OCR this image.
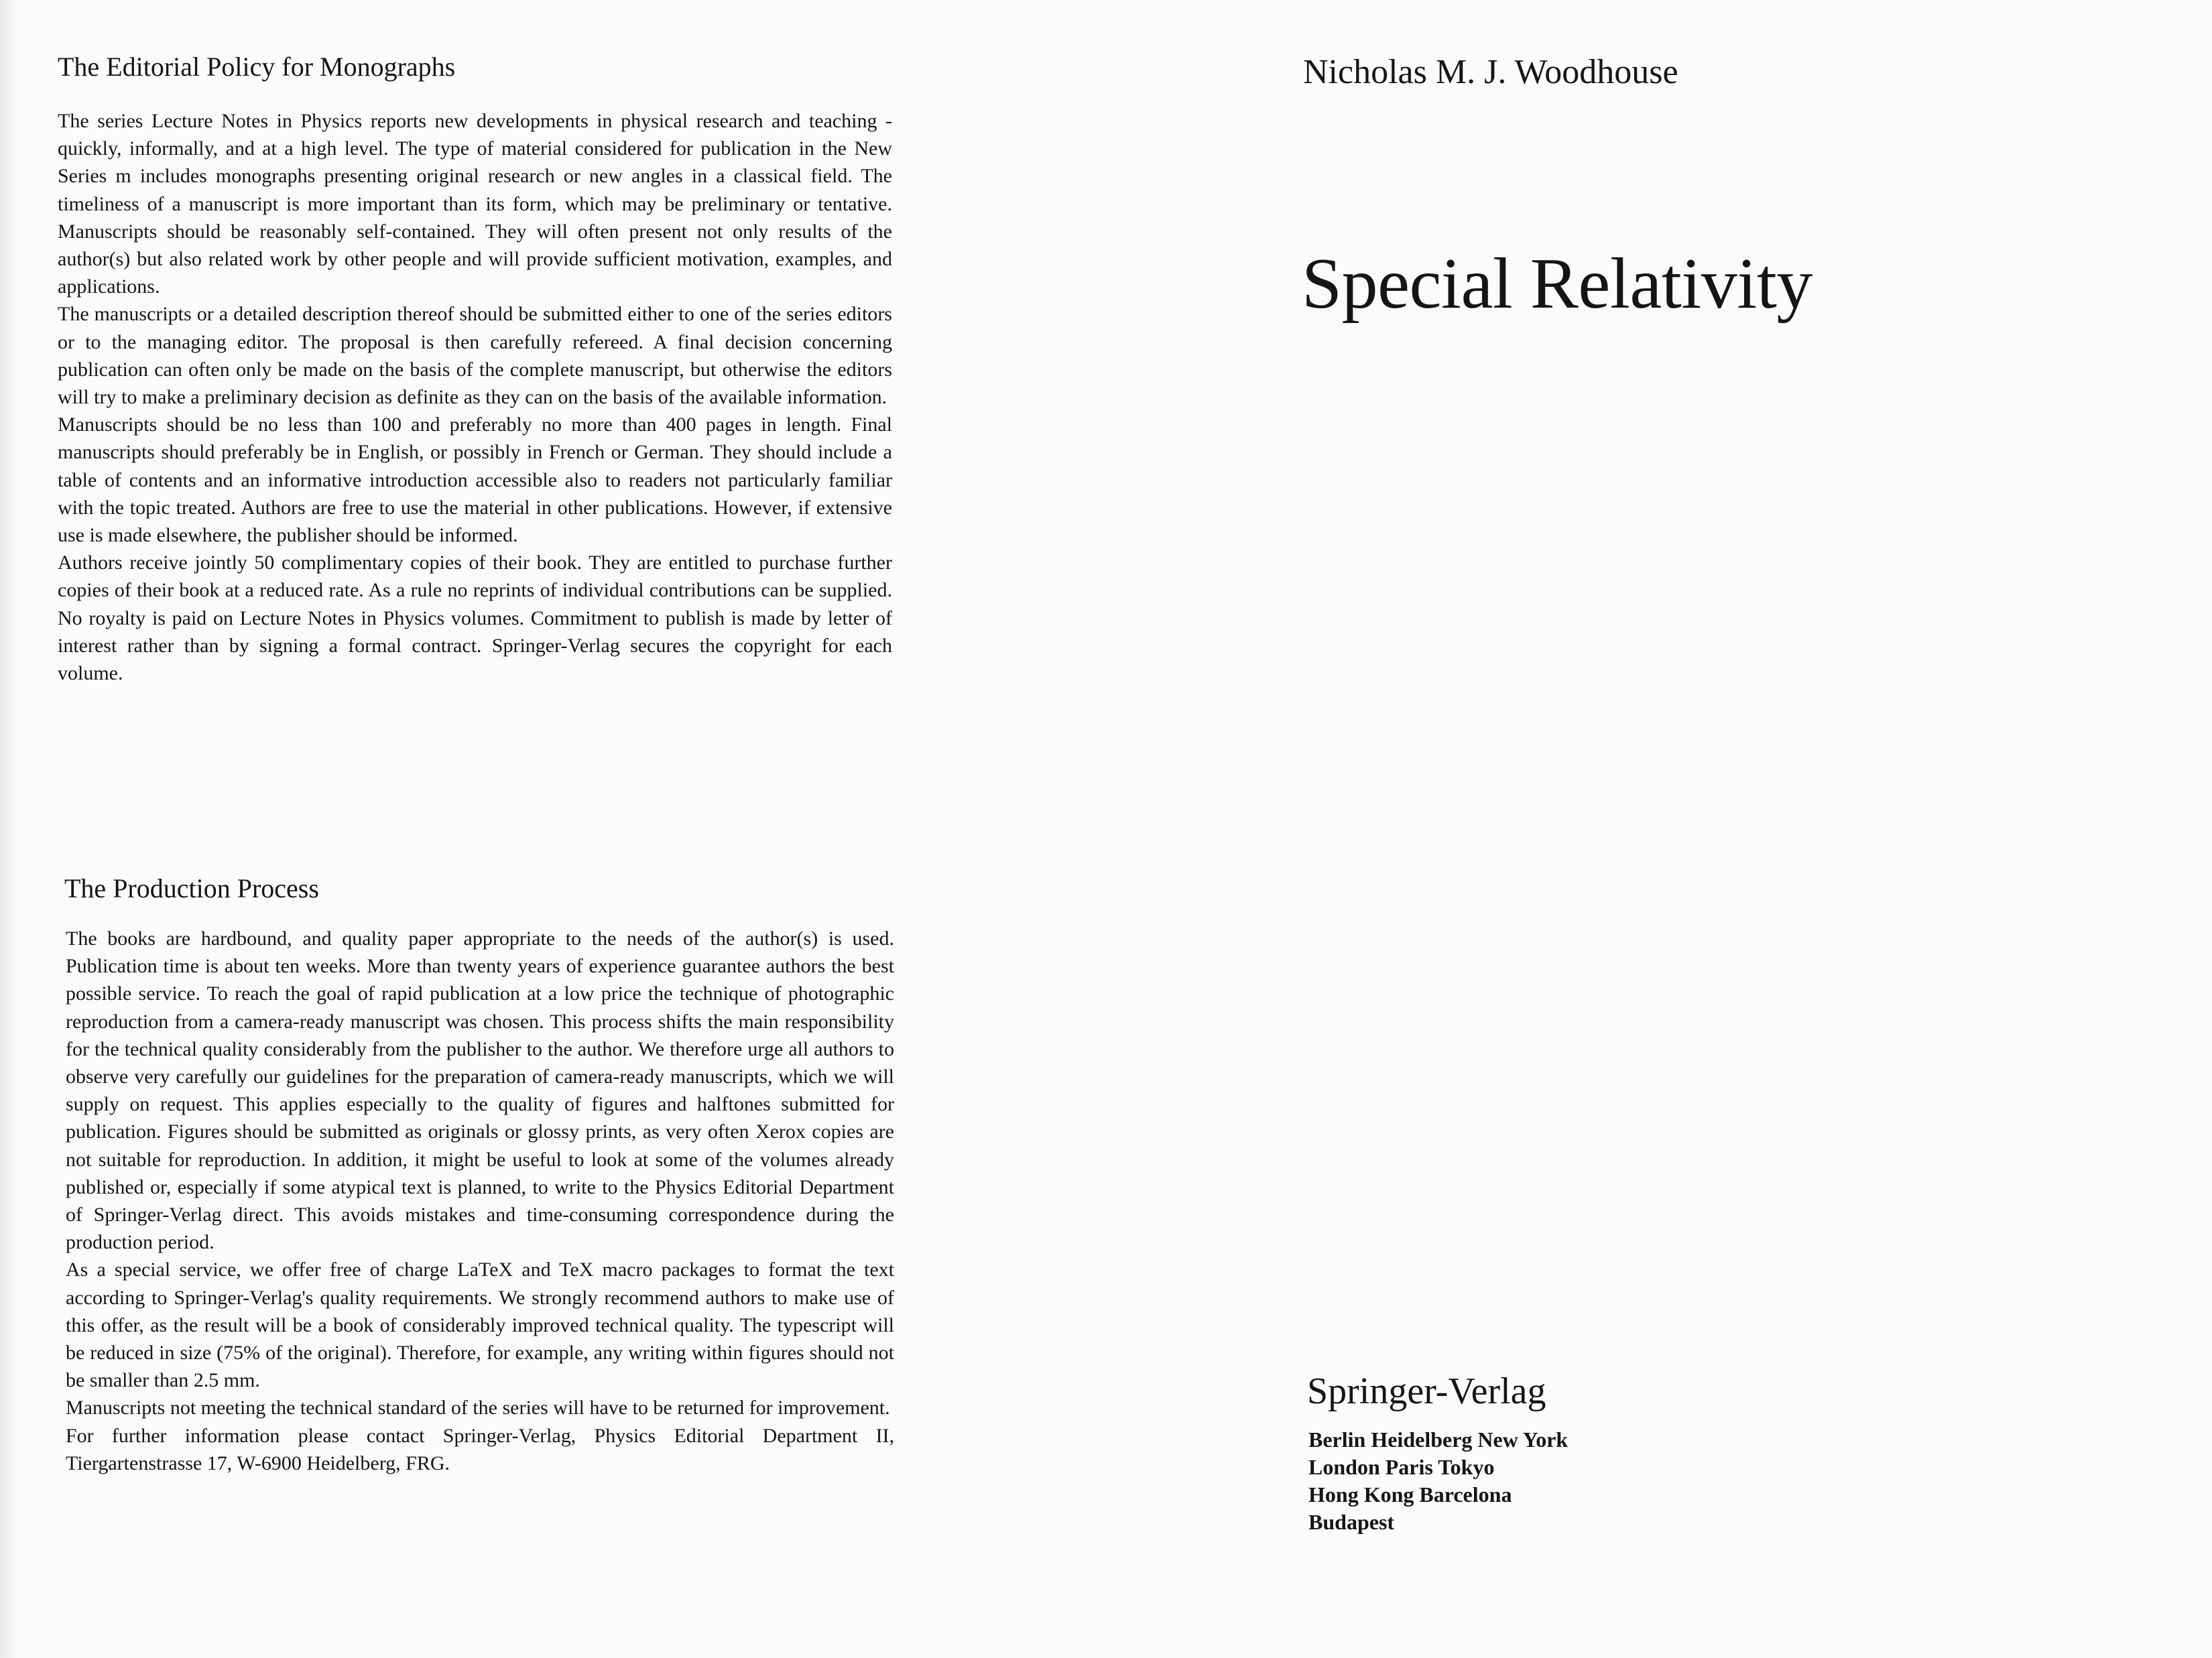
The Editorial Policy for Monographs

The series Lecture Notes in Physics reports new developments in physical research and teaching - quickly, informally, and at a high level. The type of material considered for publication in the New Series m includes monographs presenting original research or new angles in a classical field. The timeliness of a manuscript is more important than its form, which may be preliminary or tentative. Manuscripts should be reasonably self-contained. They will often present not only results of the author(s) but also related work by other people and will provide sufficient motivation, examples, and applications.

The manuscripts or a detailed description thereof should be submitted either to one of the series editors or to the managing editor. The proposal is then carefully refereed. A final decision concerning publication can often only be made on the basis of the complete manuscript, but otherwise the editors will try to make a preliminary decision as definite as they can on the basis of the available information.

Manuscripts should be no less than 100 and preferably no more than 400 pages in length. Final manuscripts should preferably be in English, or possibly in French or German. They should include a table of contents and an informative introduction accessible also to readers not particularly familiar with the topic treated. Authors are free to use the material in other publications. However, if extensive use is made elsewhere, the publisher should be informed.

Authors receive jointly 50 complimentary copies of their book. They are entitled to purchase further copies of their book at a reduced rate. As a rule no reprints of individual contributions can be supplied. No royalty is paid on Lecture Notes in Physics volumes. Commitment to publish is made by letter of interest rather than by signing a formal contract. Springer-Verlag secures the copyright for each volume.

The Production Process

The books are hardbound, and quality paper appropriate to the needs of the author(s) is used. Publication time is about ten weeks. More than twenty years of experience guarantee authors the best possible service. To reach the goal of rapid publication at a low price the technique of photographic reproduction from a camera-ready manuscript was chosen. This process shifts the main responsibility for the technical quality considerably from the publisher to the author. We therefore urge all authors to observe very carefully our guidelines for the preparation of camera-ready manuscripts, which we will supply on request. This applies especially to the quality of figures and halftones submitted for publication. Figures should be submitted as originals or glossy prints, as very often Xerox copies are not suitable for reproduction. In addition, it might be useful to look at some of the volumes already published or, especially if some atypical text is planned, to write to the Physics Editorial Department of Springer-Verlag direct. This avoids mistakes and time-consuming correspondence during the production period.

As a special service, we offer free of charge LaTeX and TeX macro packages to format the text according to Springer-Verlag's quality requirements. We strongly recommend authors to make use of this offer, as the result will be a book of considerably improved technical quality. The typescript will be reduced in size (75% of the original). Therefore, for example, any writing within figures should not be smaller than 2.5 mm.

Manuscripts not meeting the technical standard of the series will have to be returned for improvement.

For further information please contact Springer-Verlag, Physics Editorial Department II, Tiergartenstrasse 17, W-6900 Heidelberg, FRG.

Nicholas M. J. Woodhouse
Special Relativity
Springer-Verlag
Berlin Heidelberg New York
London Paris Tokyo
Hong Kong Barcelona
Budapest
